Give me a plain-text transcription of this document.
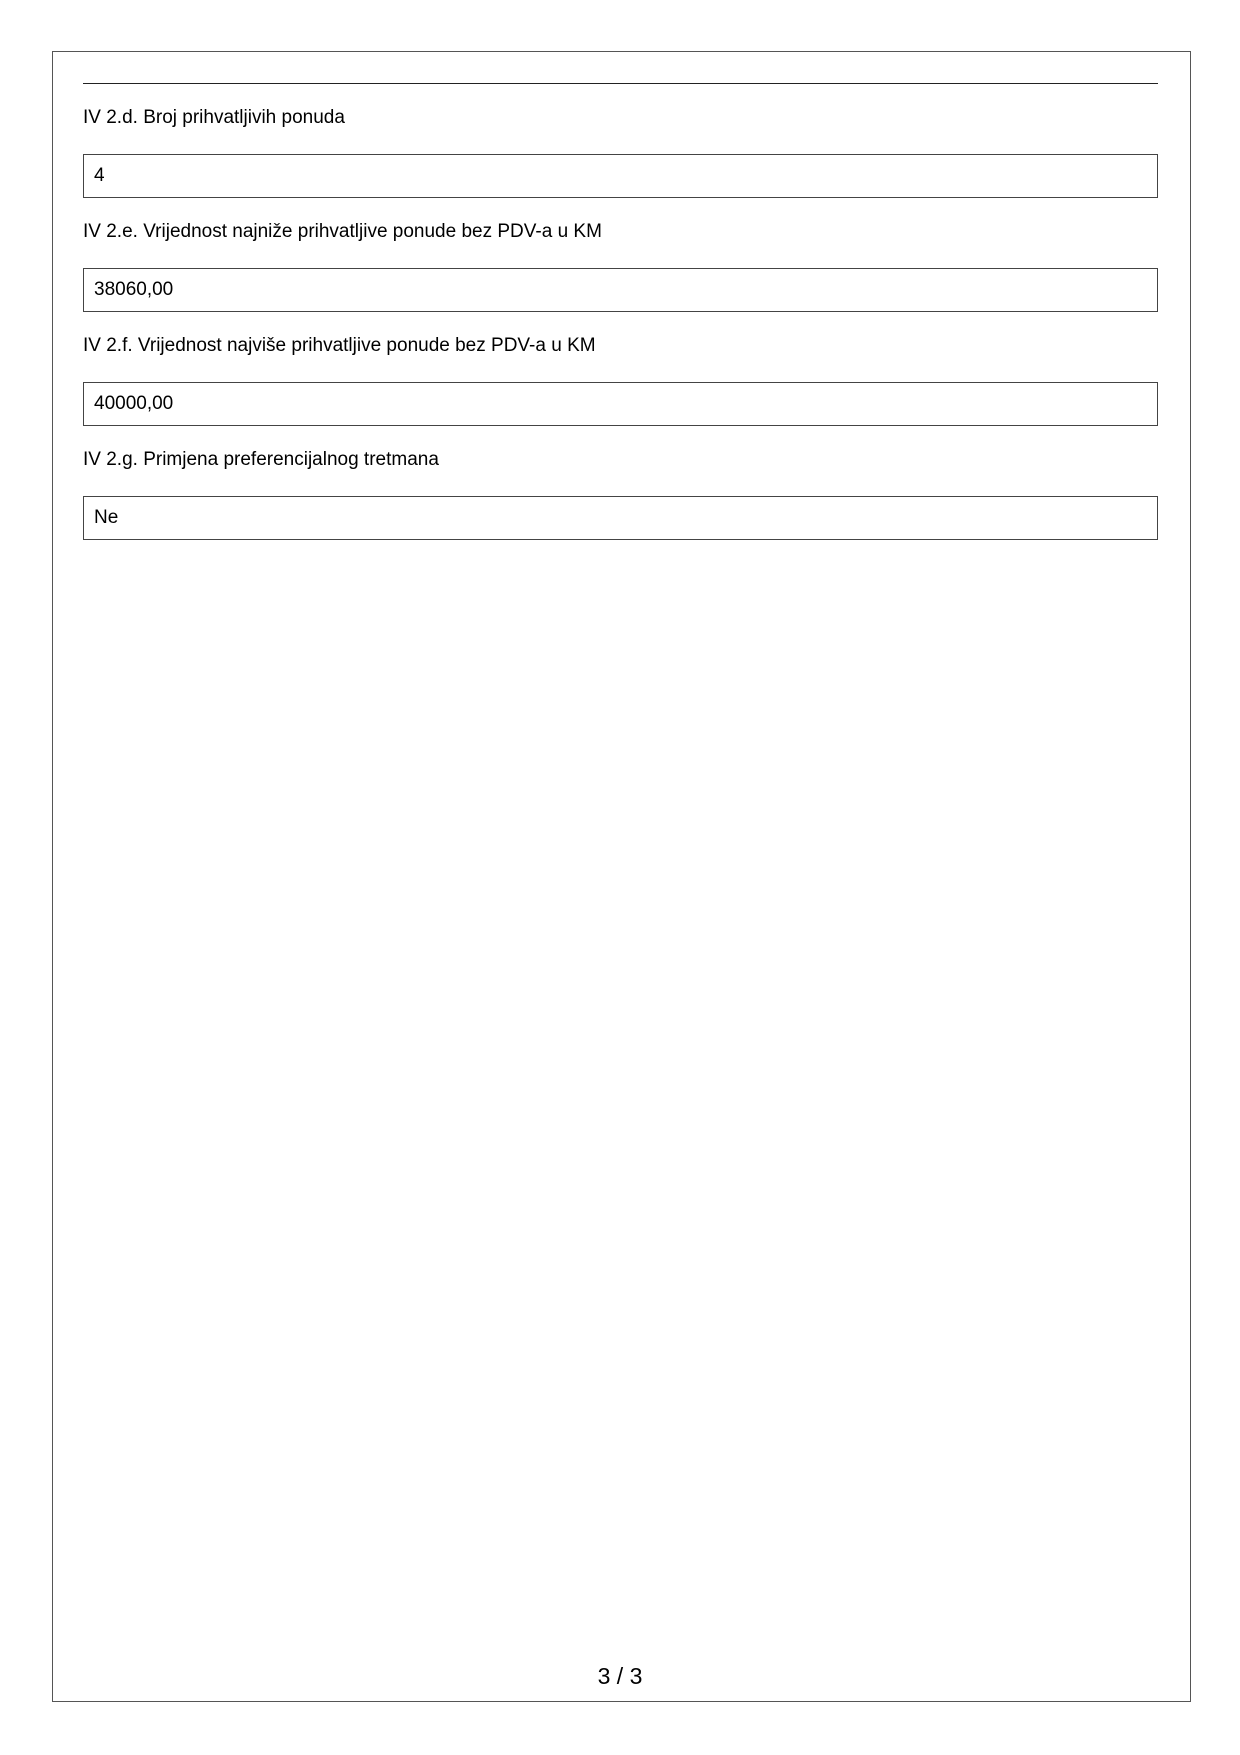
IV 2.d. Broj prihvatljivih ponuda
4
IV 2.e. Vrijednost najniže prihvatljive ponude bez PDV-a u KM
38060,00
IV 2.f. Vrijednost najviše prihvatljive ponude bez PDV-a u KM
40000,00
IV 2.g. Primjena preferencijalnog tretmana
Ne
3 / 3
